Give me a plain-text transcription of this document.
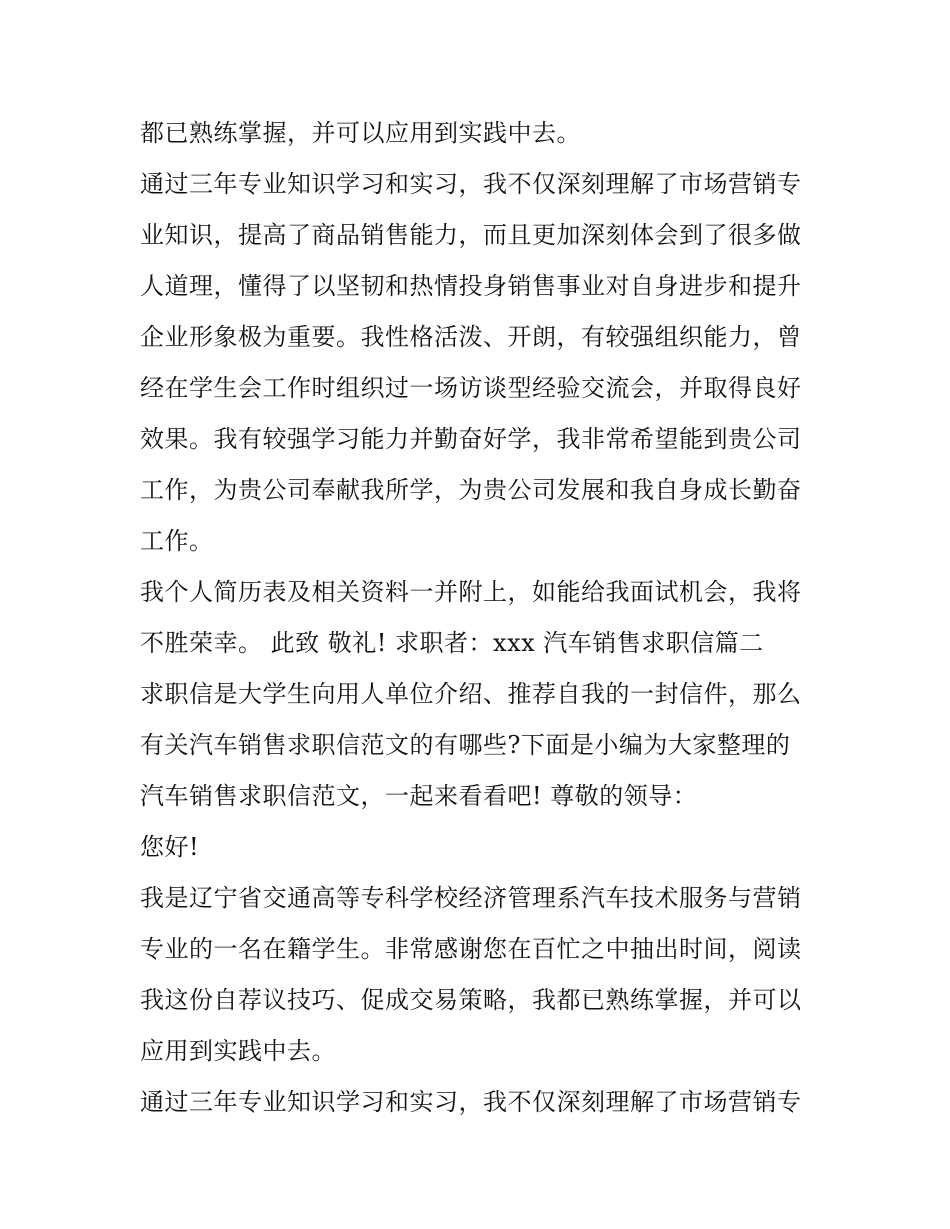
都已熟练掌握，并可以应用到实践中去。
通过三年专业知识学习和实习，我不仅深刻理解了市场营销专
业知识，提高了商品销售能力，而且更加深刻体会到了很多做
人道理，懂得了以坚韧和热情投身销售事业对自身进步和提升
企业形象极为重要。我性格活泼、开朗，有较强组织能力，曾
经在学生会工作时组织过一场访谈型经验交流会，并取得良好
效果。我有较强学习能力并勤奋好学，我非常希望能到贵公司
工作，为贵公司奉献我所学，为贵公司发展和我自身成长勤奋
工作。
我个人简历表及相关资料一并附上，如能给我面试机会，我将
不胜荣幸。 此致 敬礼! 求职者：xxx 汽车销售求职信篇二
求职信是大学生向用人单位介绍、推荐自我的一封信件，那么
有关汽车销售求职信范文的有哪些?下面是小编为大家整理的
汽车销售求职信范文，一起来看看吧! 尊敬的领导：
您好!
我是辽宁省交通高等专科学校经济管理系汽车技术服务与营销
专业的一名在籍学生。非常感谢您在百忙之中抽出时间，阅读
我这份自荐议技巧、促成交易策略，我都已熟练掌握，并可以
应用到实践中去。
通过三年专业知识学习和实习，我不仅深刻理解了市场营销专
